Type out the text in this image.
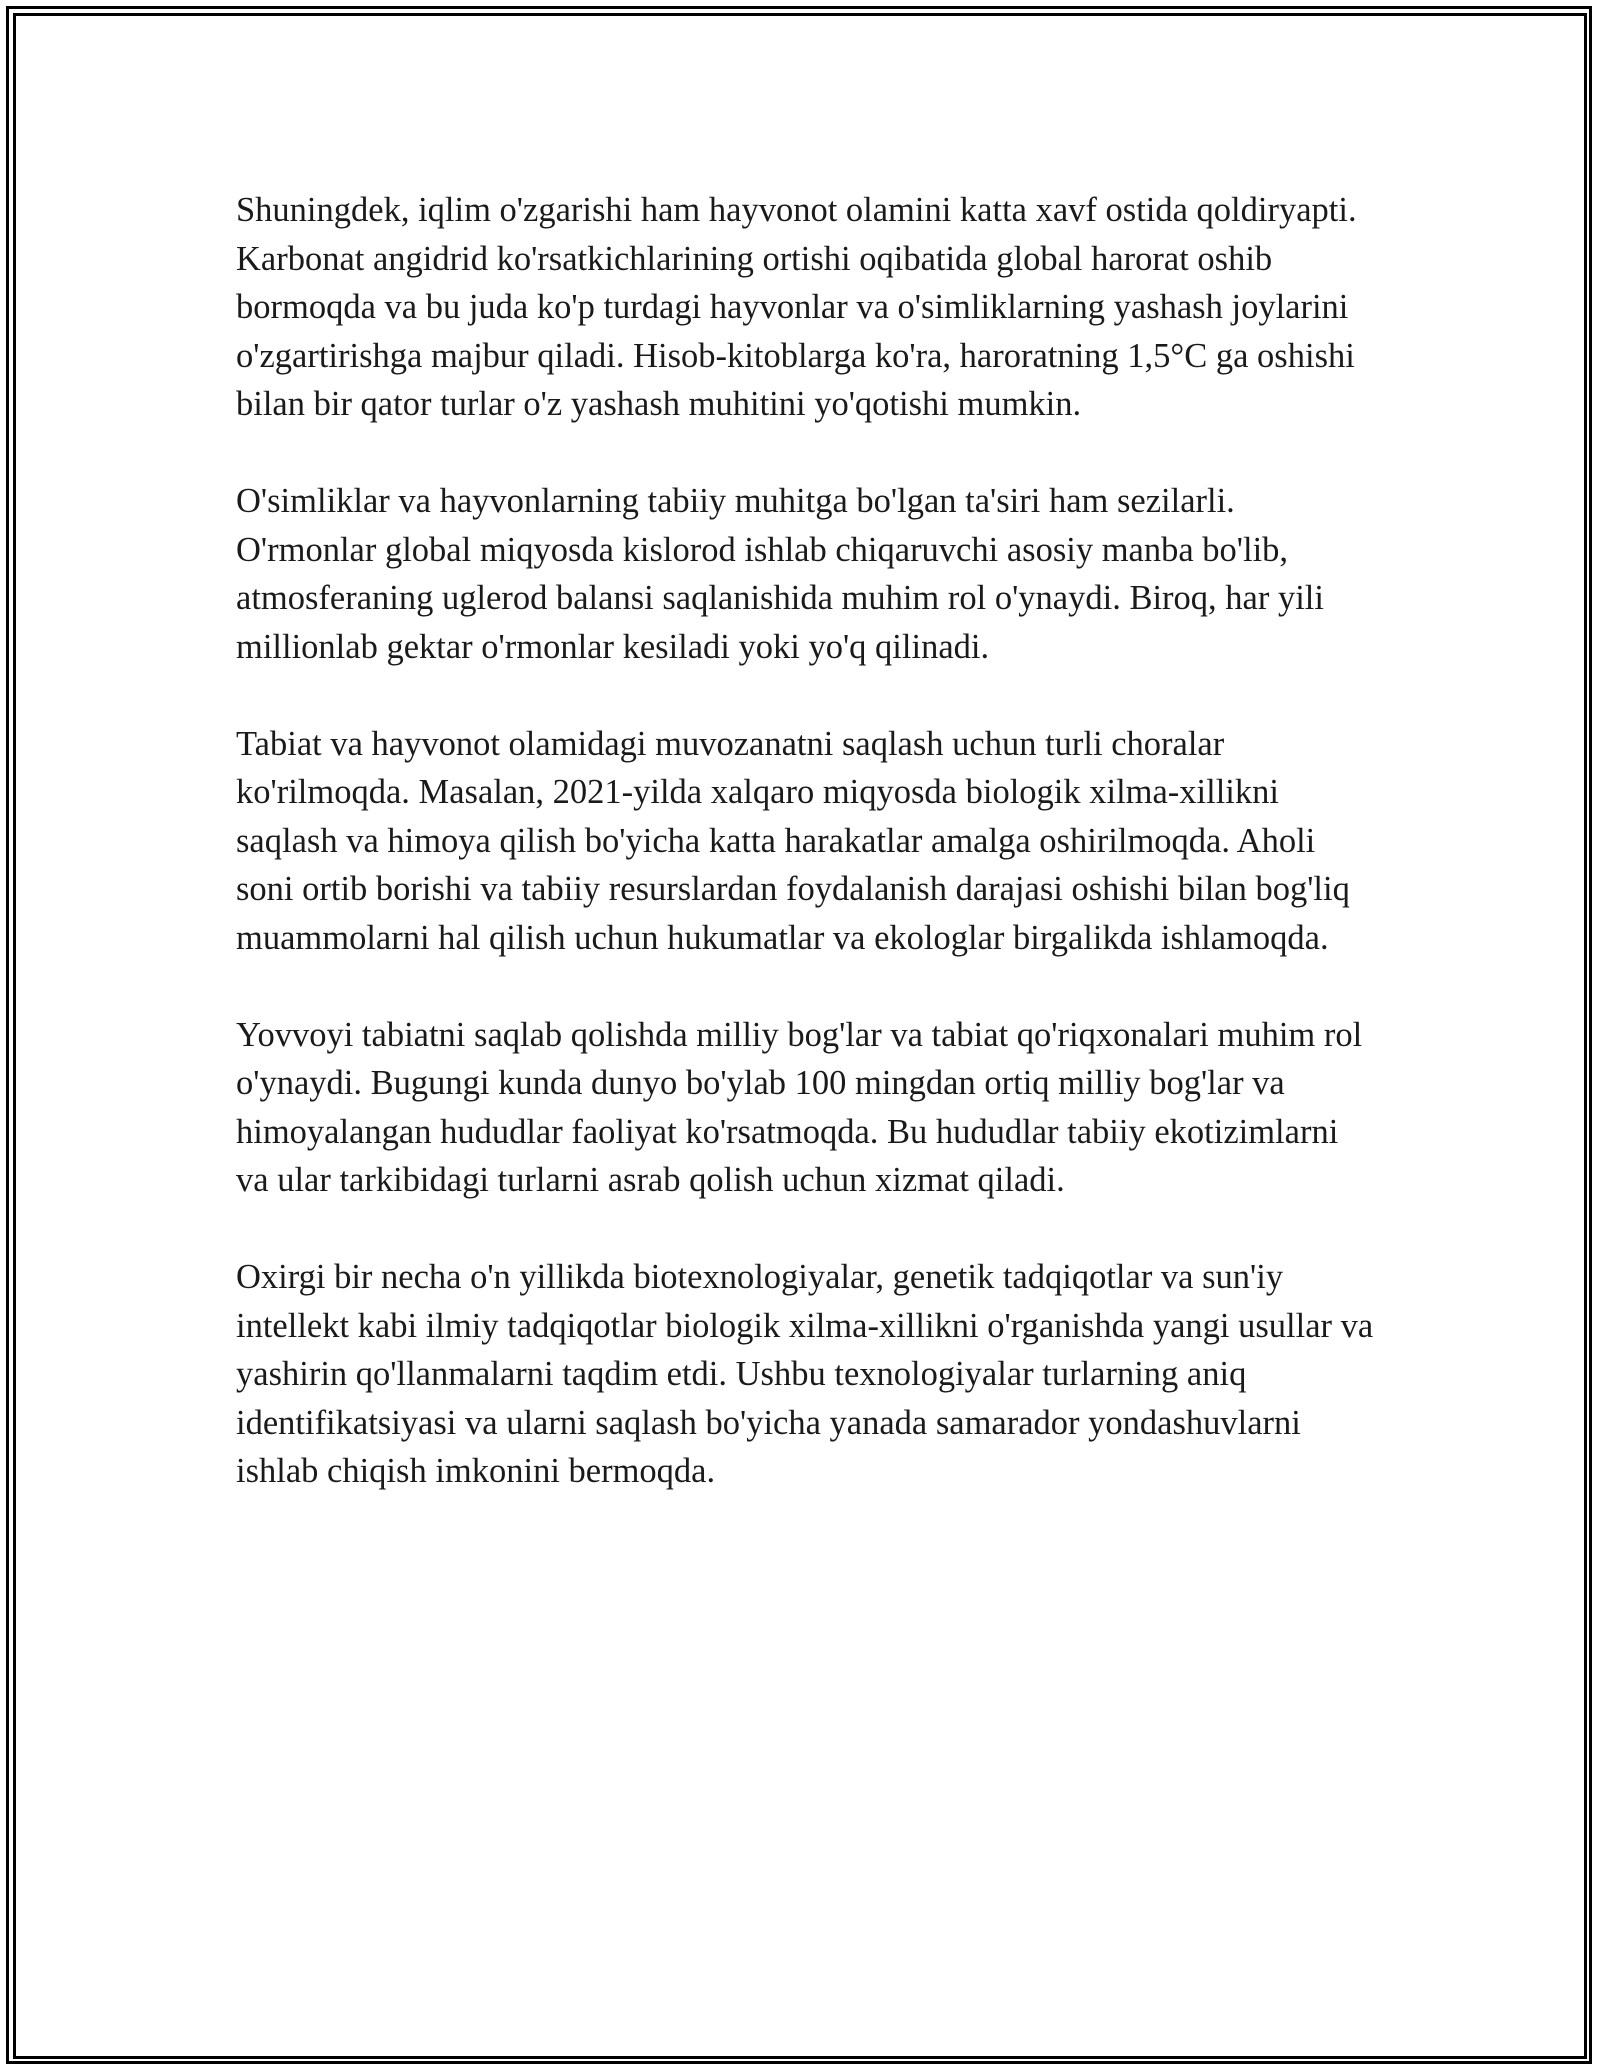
Shuningdek, iqlim o'zgarishi ham hayvonot olamini katta xavf ostida qoldiryapti. Karbonat angidrid ko'rsatkichlarining ortishi oqibatida global harorat oshib bormoqda va bu juda ko'p turdagi hayvonlar va o'simliklarning yashash joylarini o'zgartirishga majbur qiladi. Hisob-kitoblarga ko'ra, haroratning 1,5°C ga oshishi bilan bir qator turlar o'z yashash muhitini yo'qotishi mumkin.

O'simliklar va hayvonlarning tabiiy muhitga bo'lgan ta'siri ham sezilarli. O'rmonlar global miqyosda kislorod ishlab chiqaruvchi asosiy manba bo'lib, atmosferaning uglerod balansi saqlanishida muhim rol o'ynaydi. Biroq, har yili millionlab gektar o'rmonlar kesiladi yoki yo'q qilinadi.

Tabiat va hayvonot olamidagi muvozanatni saqlash uchun turli choralar ko'rilmoqda. Masalan, 2021-yilda xalqaro miqyosda biologik xilma-xillikni saqlash va himoya qilish bo'yicha katta harakatlar amalga oshirilmoqda. Aholi soni ortib borishi va tabiiy resurslardan foydalanish darajasi oshishi bilan bog'liq muammolarni hal qilish uchun hukumatlar va ekologlar birgalikda ishlamoqda.

Yovvoyi tabiatni saqlab qolishda milliy bog'lar va tabiat qo'riqxonalari muhim rol o'ynaydi. Bugungi kunda dunyo bo'ylab 100 mingdan ortiq milliy bog'lar va himoyalangan hududlar faoliyat ko'rsatmoqda. Bu hududlar tabiiy ekotizimlarni va ular tarkibidagi turlarni asrab qolish uchun xizmat qiladi.

Oxirgi bir necha o'n yillikda biotexnologiyalar, genetik tadqiqotlar va sun'iy intellekt kabi ilmiy tadqiqotlar biologik xilma-xillikni o'rganishda yangi usullar va yashirin qo'llanmalarni taqdim etdi. Ushbu texnologiyalar turlarning aniq identifikatsiyasi va ularni saqlash bo'yicha yanada samarador yondashuvlarni ishlab chiqish imkonini bermoqda.
